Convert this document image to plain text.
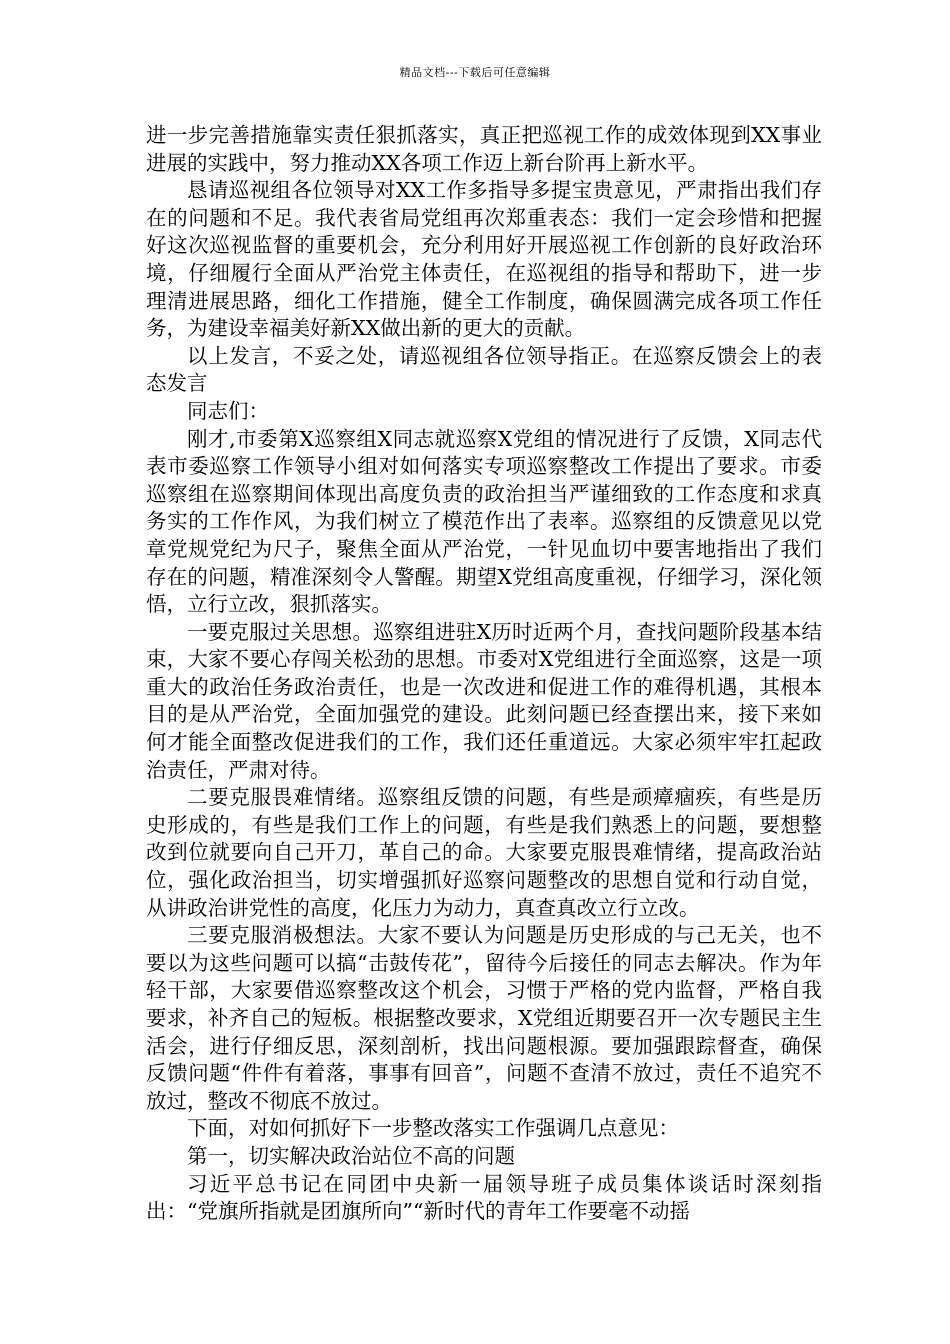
精品文档---下载后可任意编辑

进一步完善措施靠实责任狠抓落实，真正把巡视工作的成效体现到XX事业进展的实践中，努力推动XX各项工作迈上新台阶再上新水平。

恳请巡视组各位领导对XX工作多指导多提宝贵意见，严肃指出我们存在的问题和不足。我代表省局党组再次郑重表态：我们一定会珍惜和把握好这次巡视监督的重要机会，充分利用好开展巡视工作创新的良好政治环境，仔细履行全面从严治党主体责任，在巡视组的指导和帮助下，进一步理清进展思路，细化工作措施，健全工作制度，确保圆满完成各项工作任务，为建设幸福美好新XX做出新的更大的贡献。

以上发言，不妥之处，请巡视组各位领导指正。在巡察反馈会上的表态发言

同志们：

刚才,市委第X巡察组X同志就巡察X党组的情况进行了反馈，X同志代表市委巡察工作领导小组对如何落实专项巡察整改工作提出了要求。市委巡察组在巡察期间体现出高度负责的政治担当严谨细致的工作态度和求真务实的工作作风，为我们树立了模范作出了表率。巡察组的反馈意见以党章党规党纪为尺子，聚焦全面从严治党，一针见血切中要害地指出了我们存在的问题，精准深刻令人警醒。期望X党组高度重视，仔细学习，深化领悟，立行立改，狠抓落实。

一要克服过关思想。巡察组进驻X历时近两个月，查找问题阶段基本结束，大家不要心存闯关松劲的思想。市委对X党组进行全面巡察，这是一项重大的政治任务政治责任，也是一次改进和促进工作的难得机遇，其根本目的是从严治党，全面加强党的建设。此刻问题已经查摆出来，接下来如何才能全面整改促进我们的工作，我们还任重道远。大家必须牢牢扛起政治责任，严肃对待。

二要克服畏难情绪。巡察组反馈的问题，有些是顽瘴痼疾，有些是历史形成的，有些是我们工作上的问题，有些是我们熟悉上的问题，要想整改到位就要向自己开刀，革自己的命。大家要克服畏难情绪，提高政治站位，强化政治担当，切实增强抓好巡察问题整改的思想自觉和行动自觉，从讲政治讲党性的高度，化压力为动力，真查真改立行立改。

三要克服消极想法。大家不要认为问题是历史形成的与己无关，也不要以为这些问题可以搞“击鼓传花”，留待今后接任的同志去解决。作为年轻干部，大家要借巡察整改这个机会，习惯于严格的党内监督，严格自我要求，补齐自己的短板。根据整改要求，X党组近期要召开一次专题民主生活会，进行仔细反思，深刻剖析，找出问题根源。要加强跟踪督查，确保反馈问题“件件有着落，事事有回音”，问题不查清不放过，责任不追究不放过，整改不彻底不放过。

下面，对如何抓好下一步整改落实工作强调几点意见：

第一，切实解决政治站位不高的问题

习近平总书记在同团中央新一届领导班子成员集体谈话时深刻指出：“党旗所指就是团旗所向”“新时代的青年工作要毫不动摇
